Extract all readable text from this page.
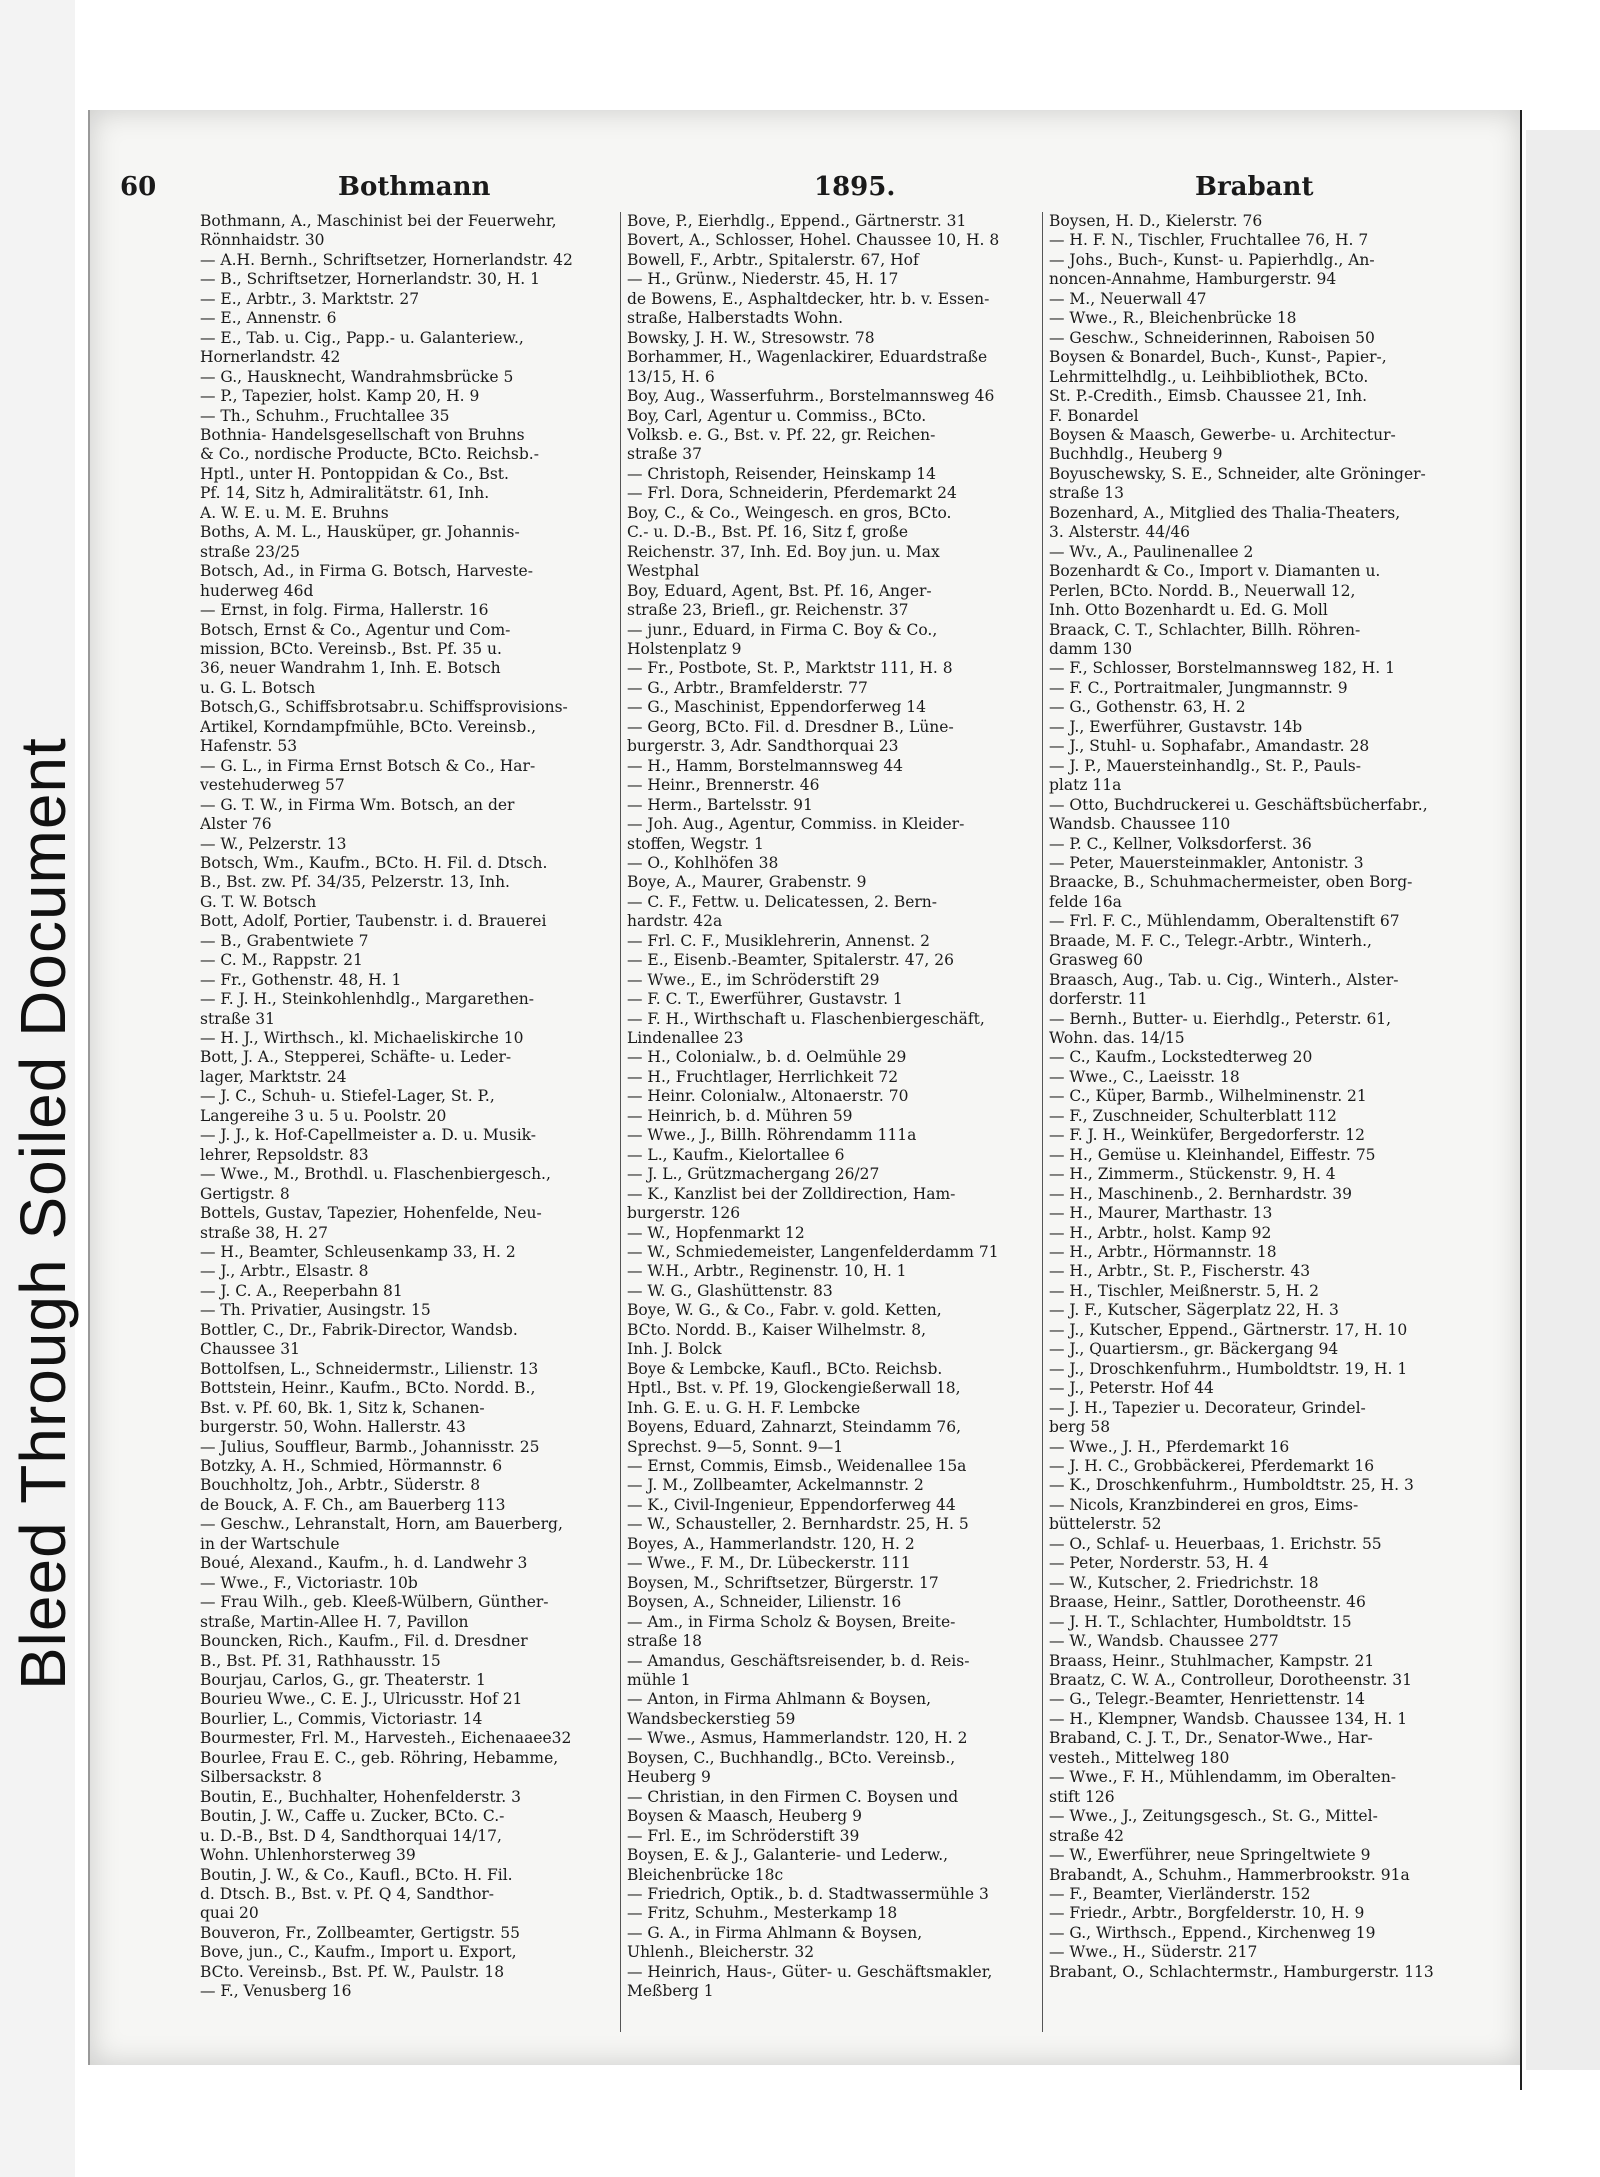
Bleed Through Soiled Document
60	Bothmann	1895.	Brabant
Bothmann, A., Maschinist bei der Feuerwehr,
Rönnhaidstr. 30
— A.H. Bernh., Schriftsetzer, Hornerlandstr. 42
— B., Schriftsetzer, Hornerlandstr. 30, H. 1
— E., Arbtr., 3. Marktstr. 27
— E., Annenstr. 6
— E., Tab. u. Cig., Papp.- u. Galanteriew.,
Hornerlandstr. 42
— G., Hausknecht, Wandrahmsbrücke 5
— P., Tapezier, holst. Kamp 20, H. 9
— Th., Schuhm., Fruchtallee 35
Bothnia- Handelsgesellschaft von Bruhns
& Co., nordische Producte, BCto. Reichsb.-
Hptl., unter H. Pontoppidan & Co., Bst.
Pf. 14, Sitz h, Admiralitätstr. 61, Inh.
A. W. E. u. M. E. Bruhns
Boths, A. M. L., Hausküper, gr. Johannis-
straße 23/25
Botsch, Ad., in Firma G. Botsch, Harveste-
huderweg 46d
— Ernst, in folg. Firma, Hallerstr. 16
Botsch, Ernst & Co., Agentur und Com-
mission, BCto. Vereinsb., Bst. Pf. 35 u.
36, neuer Wandrahm 1, Inh. E. Botsch
u. G. L. Botsch
Botsch,G., Schiffsbrotsabr.u. Schiffsprovisions-
Artikel, Korndampfmühle, BCto. Vereinsb.,
Hafenstr. 53
— G. L., in Firma Ernst Botsch & Co., Har-
vestehuderweg 57
— G. T. W., in Firma Wm. Botsch, an der
Alster 76
— W., Pelzerstr. 13
Botsch, Wm., Kaufm., BCto. H. Fil. d. Dtsch.
B., Bst. zw. Pf. 34/35, Pelzerstr. 13, Inh.
G. T. W. Botsch
Bott, Adolf, Portier, Taubenstr. i. d. Brauerei
— B., Grabentwiete 7
— C. M., Rappstr. 21
— Fr., Gothenstr. 48, H. 1
— F. J. H., Steinkohlenhdlg., Margarethen-
straße 31
— H. J., Wirthsch., kl. Michaeliskirche 10
Bott, J. A., Stepperei, Schäfte- u. Leder-
lager, Marktstr. 24
— J. C., Schuh- u. Stiefel-Lager, St. P.,
Langereihe 3 u. 5 u. Poolstr. 20
— J. J., k. Hof-Capellmeister a. D. u. Musik-
lehrer, Repsoldstr. 83
— Wwe., M., Brothdl. u. Flaschenbiergesch.,
Gertigstr. 8
Bottels, Gustav, Tapezier, Hohenfelde, Neu-
straße 38, H. 27
— H., Beamter, Schleusenkamp 33, H. 2
— J., Arbtr., Elsastr. 8
— J. C. A., Reeperbahn 81
— Th. Privatier, Ausingstr. 15
Bottler, C., Dr., Fabrik-Director, Wandsb.
Chaussee 31
Bottolfsen, L., Schneidermstr., Lilienstr. 13
Bottstein, Heinr., Kaufm., BCto. Nordd. B.,
Bst. v. Pf. 60, Bk. 1, Sitz k, Schanen-
burgerstr. 50, Wohn. Hallerstr. 43
— Julius, Souffleur, Barmb., Johannisstr. 25
Botzky, A. H., Schmied, Hörmannstr. 6
Bouchholtz, Joh., Arbtr., Süderstr. 8
de Bouck, A. F. Ch., am Bauerberg 113
— Geschw., Lehranstalt, Horn, am Bauerberg,
in der Wartschule
Boué, Alexand., Kaufm., h. d. Landwehr 3
— Wwe., F., Victoriastr. 10b
— Frau Wilh., geb. Kleeß-Wülbern, Günther-
straße, Martin-Allee H. 7, Pavillon
Bouncken, Rich., Kaufm., Fil. d. Dresdner
B., Bst. Pf. 31, Rathhausstr. 15
Bourjau, Carlos, G., gr. Theaterstr. 1
Bourieu Wwe., C. E. J., Ulricusstr. Hof 21
Bourlier, L., Commis, Victoriastr. 14
Bourmester, Frl. M., Harvesteh., Eichenaaee32
Bourlee, Frau E. C., geb. Röhring, Hebamme,
Silbersackstr. 8
Boutin, E., Buchhalter, Hohenfelderstr. 3
Boutin, J. W., Caffe u. Zucker, BCto. C.-
u. D.-B., Bst. D 4, Sandthorquai 14/17,
Wohn. Uhlenhorsterweg 39
Boutin, J. W., & Co., Kaufl., BCto. H. Fil.
d. Dtsch. B., Bst. v. Pf. Q 4, Sandthor-
quai 20
Bouveron, Fr., Zollbeamter, Gertigstr. 55
Bove, jun., C., Kaufm., Import u. Export,
BCto. Vereinsb., Bst. Pf. W., Paulstr. 18
— F., Venusberg 16
Bove, P., Eierhdlg., Eppend., Gärtnerstr. 31
Bovert, A., Schlosser, Hohel. Chaussee 10, H. 8
Bowell, F., Arbtr., Spitalerstr. 67, Hof
— H., Grünw., Niederstr. 45, H. 17
de Bowens, E., Asphaltdecker, htr. b. v. Essen-
straße, Halberstadts Wohn.
Bowsky, J. H. W., Stresowstr. 78
Borhammer, H., Wagenlackirer, Eduardstraße
13/15, H. 6
Boy, Aug., Wasserfuhrm., Borstelmannsweg 46
Boy, Carl, Agentur u. Commiss., BCto.
Volksb. e. G., Bst. v. Pf. 22, gr. Reichen-
straße 37
— Christoph, Reisender, Heinskamp 14
— Frl. Dora, Schneiderin, Pferdemarkt 24
Boy, C., & Co., Weingesch. en gros, BCto.
C.- u. D.-B., Bst. Pf. 16, Sitz f, große
Reichenstr. 37, Inh. Ed. Boy jun. u. Max
Westphal
Boy, Eduard, Agent, Bst. Pf. 16, Anger-
straße 23, Briefl., gr. Reichenstr. 37
— junr., Eduard, in Firma C. Boy & Co.,
Holstenplatz 9
— Fr., Postbote, St. P., Marktstr 111, H. 8
— G., Arbtr., Bramfelderstr. 77
— G., Maschinist, Eppendorferweg 14
— Georg, BCto. Fil. d. Dresdner B., Lüne-
burgerstr. 3, Adr. Sandthorquai 23
— H., Hamm, Borstelmannsweg 44
— Heinr., Brennerstr. 46
— Herm., Bartelsstr. 91
— Joh. Aug., Agentur, Commiss. in Kleider-
stoffen, Wegstr. 1
— O., Kohlhöfen 38
Boye, A., Maurer, Grabenstr. 9
— C. F., Fettw. u. Delicatessen, 2. Bern-
hardstr. 42a
— Frl. C. F., Musiklehrerin, Annenst. 2
— E., Eisenb.-Beamter, Spitalerstr. 47, 26
— Wwe., E., im Schröderstift 29
— F. C. T., Ewerführer, Gustavstr. 1
— F. H., Wirthschaft u. Flaschenbiergeschäft,
Lindenallee 23
— H., Colonialw., b. d. Oelmühle 29
— H., Fruchtlager, Herrlichkeit 72
— Heinr. Colonialw., Altonaerstr. 70
— Heinrich, b. d. Mühren 59
— Wwe., J., Billh. Röhrendamm 111a
— L., Kaufm., Kielortallee 6
— J. L., Grützmachergang 26/27
— K., Kanzlist bei der Zolldirection, Ham-
burgerstr. 126
— W., Hopfenmarkt 12
— W., Schmiedemeister, Langenfelderdamm 71
— W.H., Arbtr., Reginenstr. 10, H. 1
— W. G., Glashüttenstr. 83
Boye, W. G., & Co., Fabr. v. gold. Ketten,
BCto. Nordd. B., Kaiser Wilhelmstr. 8,
Inh. J. Bolck
Boye & Lembcke, Kaufl., BCto. Reichsb.
Hptl., Bst. v. Pf. 19, Glockengießerwall 18,
Inh. G. E. u. G. H. F. Lembcke
Boyens, Eduard, Zahnarzt, Steindamm 76,
Sprechst. 9—5, Sonnt. 9—1
— Ernst, Commis, Eimsb., Weidenallee 15a
— J. M., Zollbeamter, Ackelmannstr. 2
— K., Civil-Ingenieur, Eppendorferweg 44
— W., Schausteller, 2. Bernhardstr. 25, H. 5
Boyes, A., Hammerlandstr. 120, H. 2
— Wwe., F. M., Dr. Lübeckerstr. 111
Boysen, M., Schriftsetzer, Bürgerstr. 17
Boysen, A., Schneider, Lilienstr. 16
— Am., in Firma Scholz & Boysen, Breite-
straße 18
— Amandus, Geschäftsreisender, b. d. Reis-
mühle 1
— Anton, in Firma Ahlmann & Boysen,
Wandsbeckerstieg 59
— Wwe., Asmus, Hammerlandstr. 120, H. 2
Boysen, C., Buchhandlg., BCto. Vereinsb.,
Heuberg 9
— Christian, in den Firmen C. Boysen und
Boysen & Maasch, Heuberg 9
— Frl. E., im Schröderstift 39
Boysen, E. & J., Galanterie- und Lederw.,
Bleichenbrücke 18c
— Friedrich, Optik., b. d. Stadtwassermühle 3
— Fritz, Schuhm., Mesterkamp 18
— G. A., in Firma Ahlmann & Boysen,
Uhlenh., Bleicherstr. 32
— Heinrich, Haus-, Güter- u. Geschäftsmakler,
Meßberg 1
Boysen, H. D., Kielerstr. 76
— H. F. N., Tischler, Fruchtallee 76, H. 7
— Johs., Buch-, Kunst- u. Papierhdlg., An-
noncen-Annahme, Hamburgerstr. 94
— M., Neuerwall 47
— Wwe., R., Bleichenbrücke 18
— Geschw., Schneiderinnen, Raboisen 50
Boysen & Bonardel, Buch-, Kunst-, Papier-,
Lehrmittelhdlg., u. Leihbibliothek, BCto.
St. P.-Credith., Eimsb. Chaussee 21, Inh.
F. Bonardel
Boysen & Maasch, Gewerbe- u. Architectur-
Buchhdlg., Heuberg 9
Boyuschewsky, S. E., Schneider, alte Gröninger-
straße 13
Bozenhard, A., Mitglied des Thalia-Theaters,
3. Alsterstr. 44/46
— Wv., A., Paulinenallee 2
Bozenhardt & Co., Import v. Diamanten u.
Perlen, BCto. Nordd. B., Neuerwall 12,
Inh. Otto Bozenhardt u. Ed. G. Moll
Braack, C. T., Schlachter, Billh. Röhren-
damm 130
— F., Schlosser, Borstelmannsweg 182, H. 1
— F. C., Portraitmaler, Jungmannstr. 9
— G., Gothenstr. 63, H. 2
— J., Ewerführer, Gustavstr. 14b
— J., Stuhl- u. Sophafabr., Amandastr. 28
— J. P., Mauersteinhandlg., St. P., Pauls-
platz 11a
— Otto, Buchdruckerei u. Geschäftsbücherfabr.,
Wandsb. Chaussee 110
— P. C., Kellner, Volksdorferst. 36
— Peter, Mauersteinmakler, Antonistr. 3
Braacke, B., Schuhmachermeister, oben Borg-
felde 16a
— Frl. F. C., Mühlendamm, Oberaltenstift 67
Braade, M. F. C., Telegr.-Arbtr., Winterh.,
Grasweg 60
Braasch, Aug., Tab. u. Cig., Winterh., Alster-
dorferstr. 11
— Bernh., Butter- u. Eierhdlg., Peterstr. 61,
Wohn. das. 14/15
— C., Kaufm., Lockstedterweg 20
— Wwe., C., Laeisstr. 18
— C., Küper, Barmb., Wilhelminenstr. 21
— F., Zuschneider, Schulterblatt 112
— F. J. H., Weinküfer, Bergedorferstr. 12
— H., Gemüse u. Kleinhandel, Eiffestr. 75
— H., Zimmerm., Stückenstr. 9, H. 4
— H., Maschinenb., 2. Bernhardstr. 39
— H., Maurer, Marthastr. 13
— H., Arbtr., holst. Kamp 92
— H., Arbtr., Hörmannstr. 18
— H., Arbtr., St. P., Fischerstr. 43
— H., Tischler, Meißnerstr. 5, H. 2
— J. F., Kutscher, Sägerplatz 22, H. 3
— J., Kutscher, Eppend., Gärtnerstr. 17, H. 10
— J., Quartiersm., gr. Bäckergang 94
— J., Droschkenfuhrm., Humboldtstr. 19, H. 1
— J., Peterstr. Hof 44
— J. H., Tapezier u. Decorateur, Grindel-
berg 58
— Wwe., J. H., Pferdemarkt 16
— J. H. C., Grobbäckerei, Pferdemarkt 16
— K., Droschkenfuhrm., Humboldtstr. 25, H. 3
— Nicols, Kranzbinderei en gros, Eims-
büttelerstr. 52
— O., Schlaf- u. Heuerbaas, 1. Erichstr. 55
— Peter, Norderstr. 53, H. 4
— W., Kutscher, 2. Friedrichstr. 18
Braase, Heinr., Sattler, Dorotheenstr. 46
— J. H. T., Schlachter, Humboldtstr. 15
— W., Wandsb. Chaussee 277
Braass, Heinr., Stuhlmacher, Kampstr. 21
Braatz, C. W. A., Controlleur, Dorotheenstr. 31
— G., Telegr.-Beamter, Henriettenstr. 14
— H., Klempner, Wandsb. Chaussee 134, H. 1
Braband, C. J. T., Dr., Senator-Wwe., Har-
vesteh., Mittelweg 180
— Wwe., F. H., Mühlendamm, im Oberalten-
stift 126
— Wwe., J., Zeitungsgesch., St. G., Mittel-
straße 42
— W., Ewerführer, neue Springeltwiete 9
Brabandt, A., Schuhm., Hammerbrookstr. 91a
— F., Beamter, Vierländerstr. 152
— Friedr., Arbtr., Borgfelderstr. 10, H. 9
— G., Wirthsch., Eppend., Kirchenweg 19
— Wwe., H., Süderstr. 217
Brabant, O., Schlachtermstr., Hamburgerstr. 113
